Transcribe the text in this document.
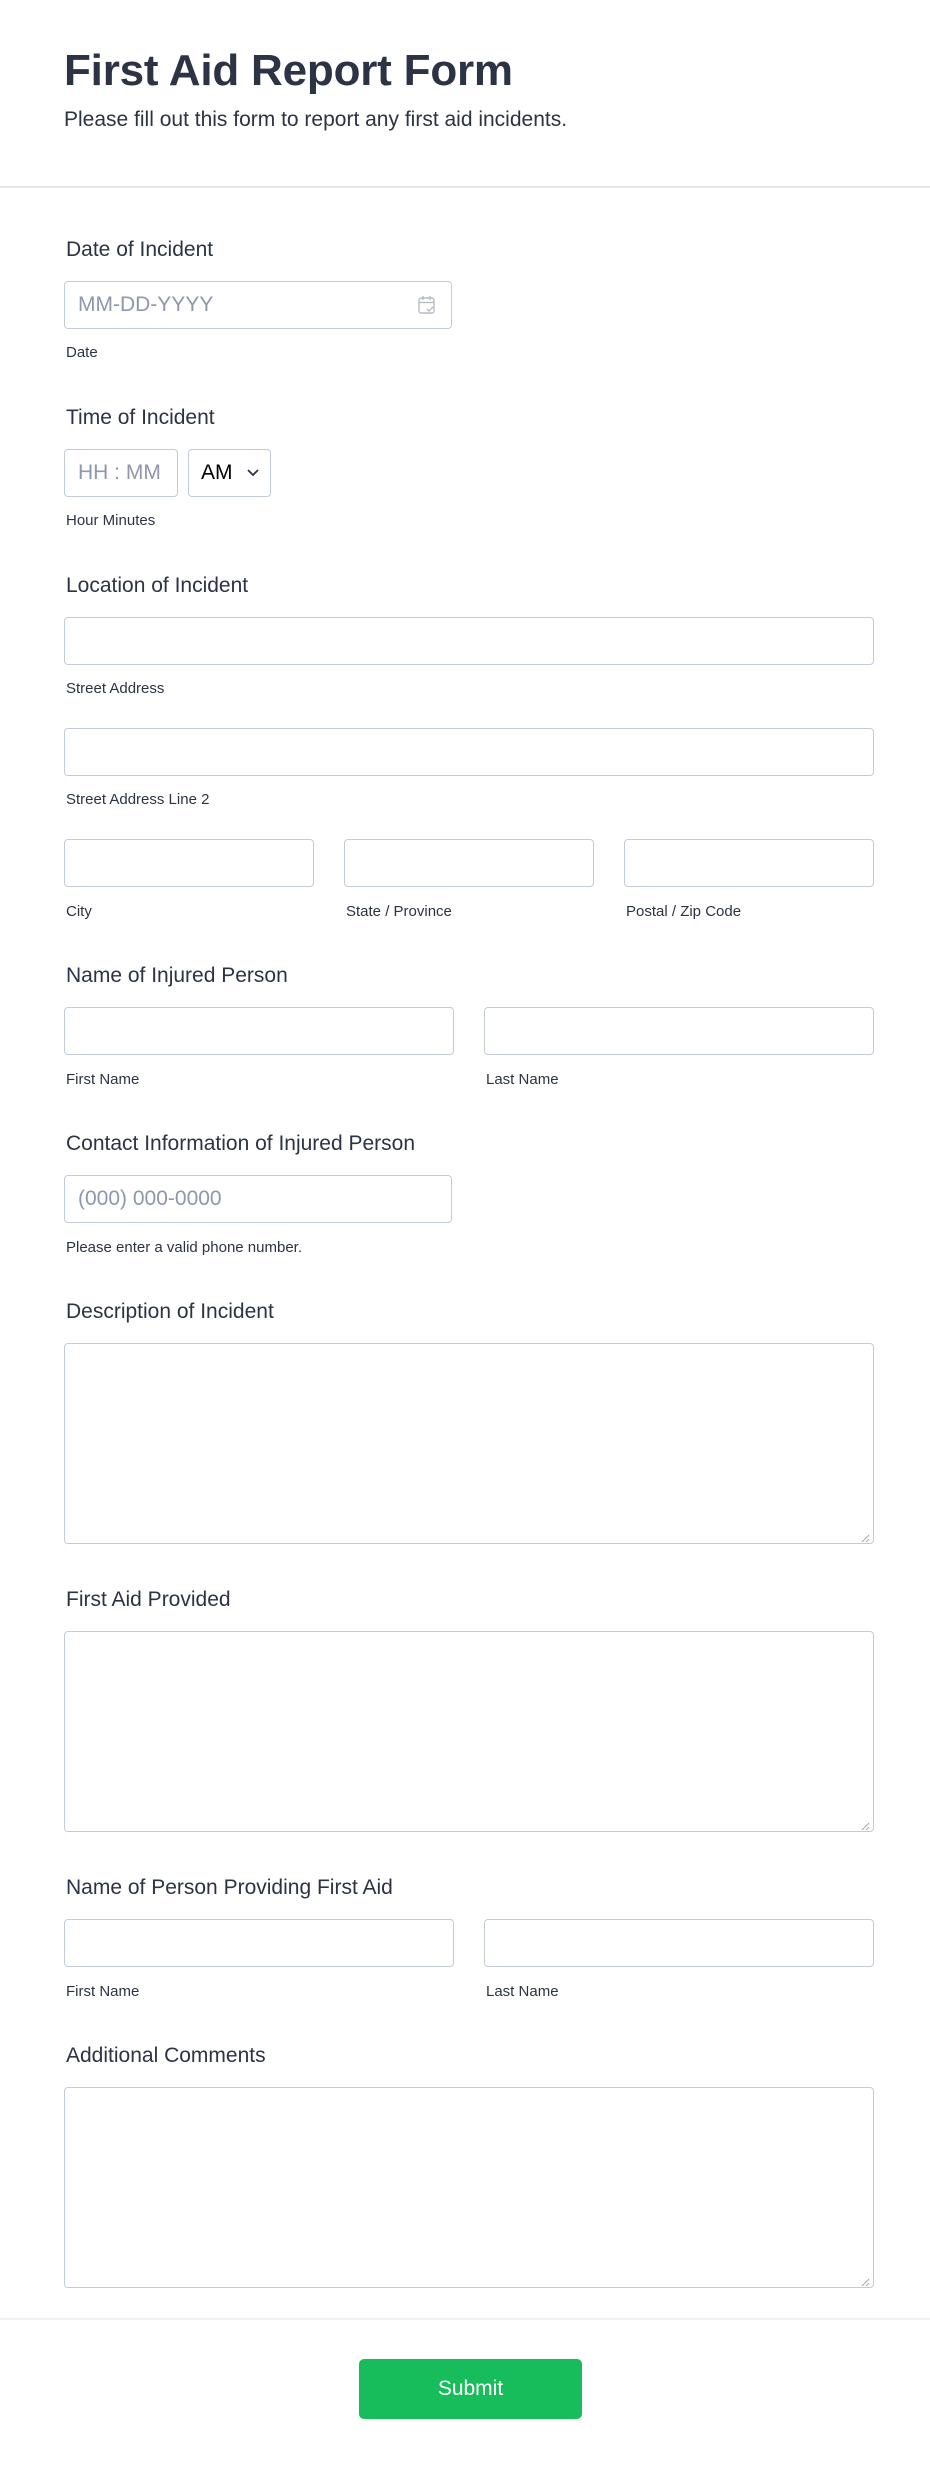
First Aid Report Form
Please fill out this form to report any first aid incidents.
Date of Incident
MM-DD-YYYY
Date
Time of Incident
HH : MM AM
Hour Minutes
Location of Incident
Street Address
Street Address Line 2
City	State / Province	Postal / Zip Code
Name of Injured Person
First Name	Last Name
Contact Information of Injured Person
(000) 000-0000
Please enter a valid phone number.
Description of Incident
First Aid Provided
Name of Person Providing First Aid
First Name	Last Name
Additional Comments
Submit
